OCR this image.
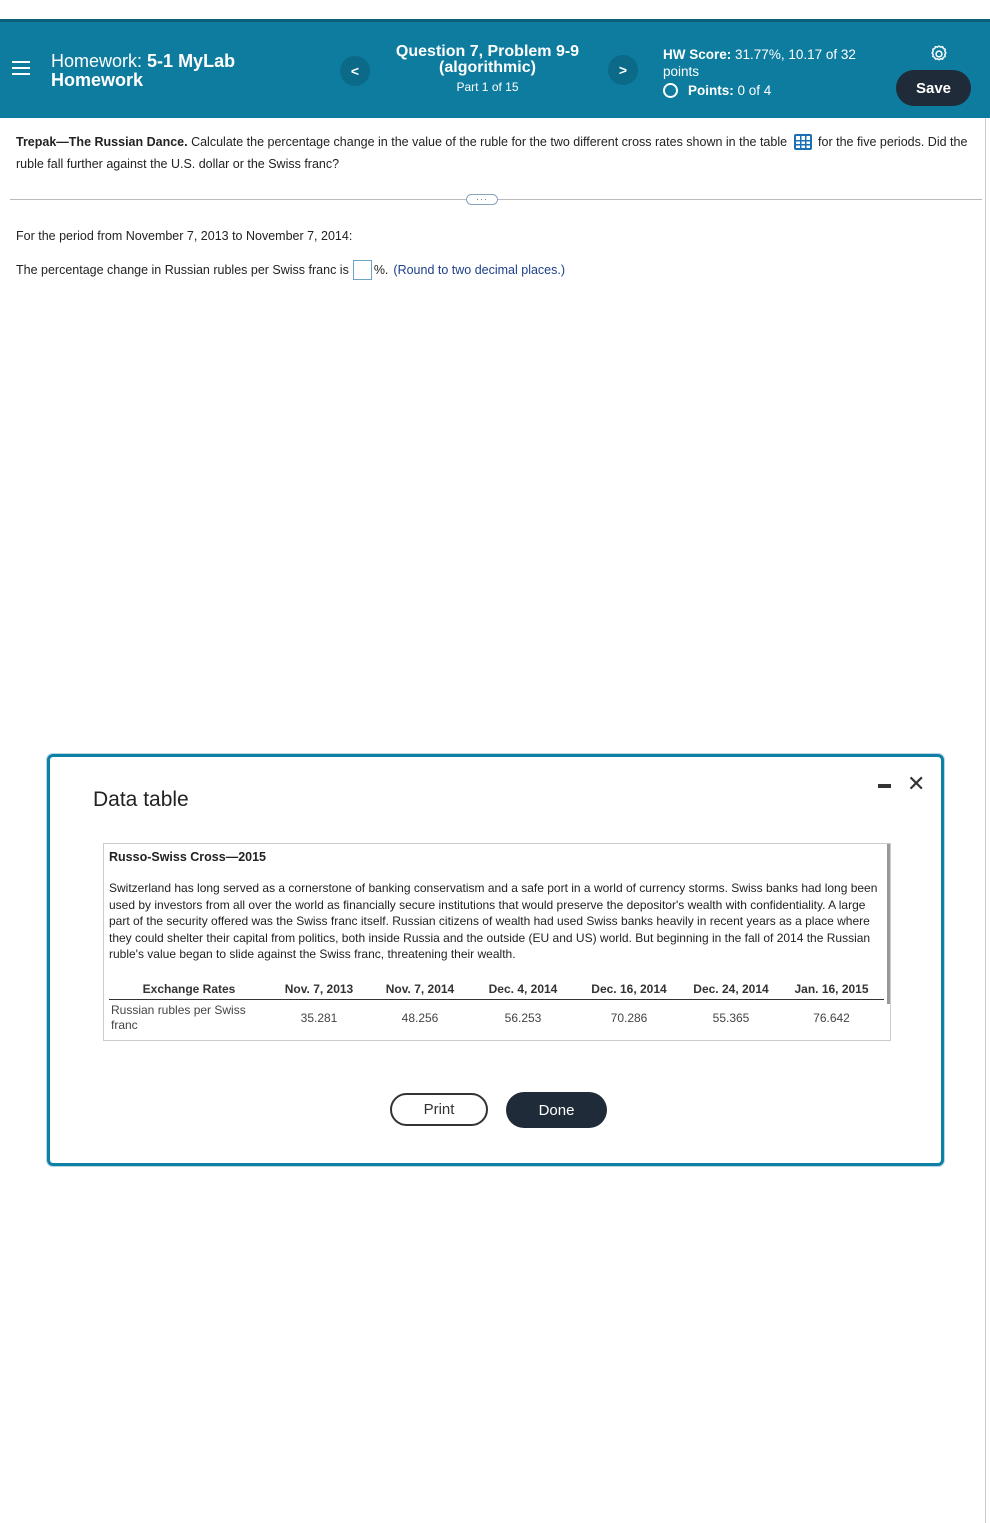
Homework: 5-1 MyLab Homework	<
Question 7, Problem 9-9 (algorithmic)
Part 1 of 15
>
HW Score: 31.77%, 10.17 of 32 points
Points:
0 of 4	Save
Trepak—The Russian Dance. Calculate the percentage change in the value of the ruble for the two different cross rates shown in the table for the five periods. Did the ruble fall further against the U.S. dollar or the Swiss franc?
···
For the period from November 7, 2013 to November 7, 2014:
The percentage change in Russian rubles per Swiss franc is %. (Round to two decimal places.)
Data table
✕
Russo-Swiss Cross—2015
Switzerland has long served as a cornerstone of banking conservatism and a safe port in a world of currency storms. Swiss banks had long been used by investors from all over the world as financially secure institutions that would preserve the depositor's wealth with confidentiality. A large part of the security offered was the Swiss franc itself. Russian citizens of wealth had used Swiss banks heavily in recent years as a place where they could shelter their capital from politics, both inside Russia and the outside (EU and US) world. But beginning in the fall of 2014 the Russian ruble's value began to slide against the Swiss franc, threatening their wealth.
Exchange Rates	Nov. 7, 2013	Nov. 7, 2014	Dec. 4, 2014	Dec. 16, 2014	Dec. 24, 2014	Jan. 16, 2015
Russian rubles per Swiss franc	35.281	48.256	56.253	70.286	55.365	76.642
Print	Done
